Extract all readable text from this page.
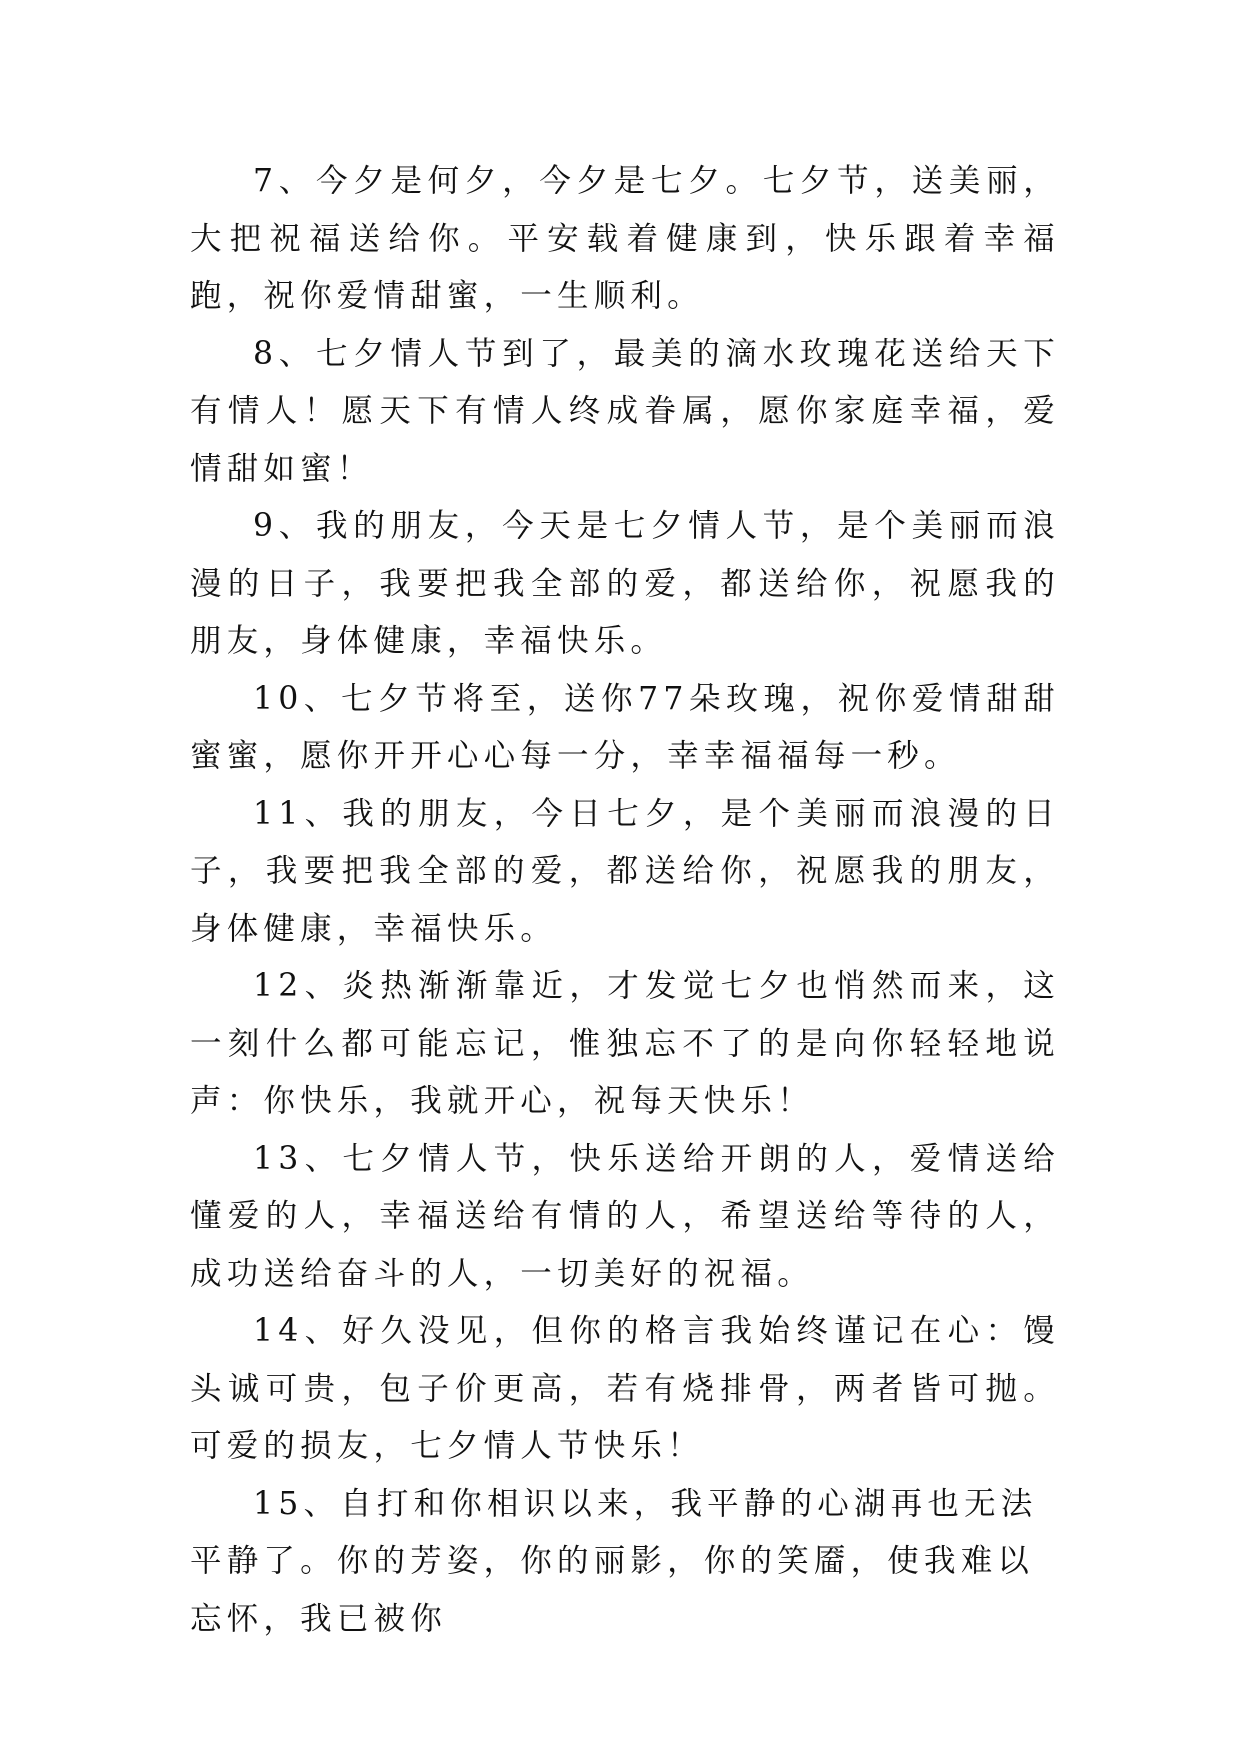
7、今夕是何夕，今夕是七夕。七夕节，送美丽，大把祝福送给你。平安载着健康到，快乐跟着幸福跑，祝你爱情甜蜜，一生顺利。

8、七夕情人节到了，最美的滴水玫瑰花送给天下有情人！愿天下有情人终成眷属，愿你家庭幸福，爱情甜如蜜！

9、我的朋友，今天是七夕情人节，是个美丽而浪漫的日子，我要把我全部的爱，都送给你，祝愿我的朋友，身体健康，幸福快乐。

10、七夕节将至，送你77朵玫瑰，祝你爱情甜甜蜜蜜，愿你开开心心每一分，幸幸福福每一秒。

11、我的朋友，今日七夕，是个美丽而浪漫的日子，我要把我全部的爱，都送给你，祝愿我的朋友，身体健康，幸福快乐。

12、炎热渐渐靠近，才发觉七夕也悄然而来，这一刻什么都可能忘记，惟独忘不了的是向你轻轻地说声：你快乐，我就开心，祝每天快乐！

13、七夕情人节，快乐送给开朗的人，爱情送给懂爱的人，幸福送给有情的人，希望送给等待的人，成功送给奋斗的人，一切美好的祝福。

14、好久没见，但你的格言我始终谨记在心：馒头诚可贵，包子价更高，若有烧排骨，两者皆可抛。可爱的损友，七夕情人节快乐！

15、自打和你相识以来，我平静的心湖再也无法平静了。你的芳姿，你的丽影，你的笑靥，使我难以忘怀，我已被你
